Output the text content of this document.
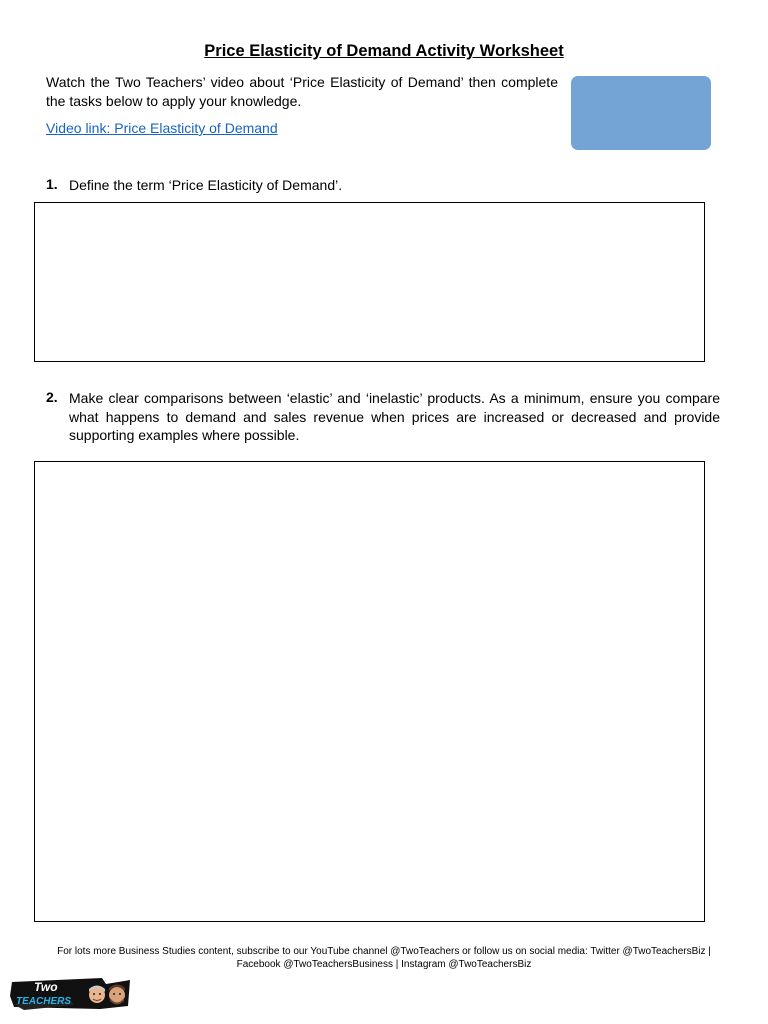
Price Elasticity of Demand Activity Worksheet
Watch the Two Teachers’ video about ‘Price Elasticity of Demand’ then complete the tasks below to apply your knowledge.
Video link: Price Elasticity of Demand
1. Define the term ‘Price Elasticity of Demand’.
2. Make clear comparisons between ‘elastic’ and ‘inelastic’ products. As a minimum, ensure you compare what happens to demand and sales revenue when prices are increased or decreased and provide supporting examples where possible.
For lots more Business Studies content, subscribe to our YouTube channel @TwoTeachers or follow us on social media: Twitter @TwoTeachersBiz | Facebook @TwoTeachersBusiness | Instagram @TwoTeachersBiz
Two
TEACHERS
